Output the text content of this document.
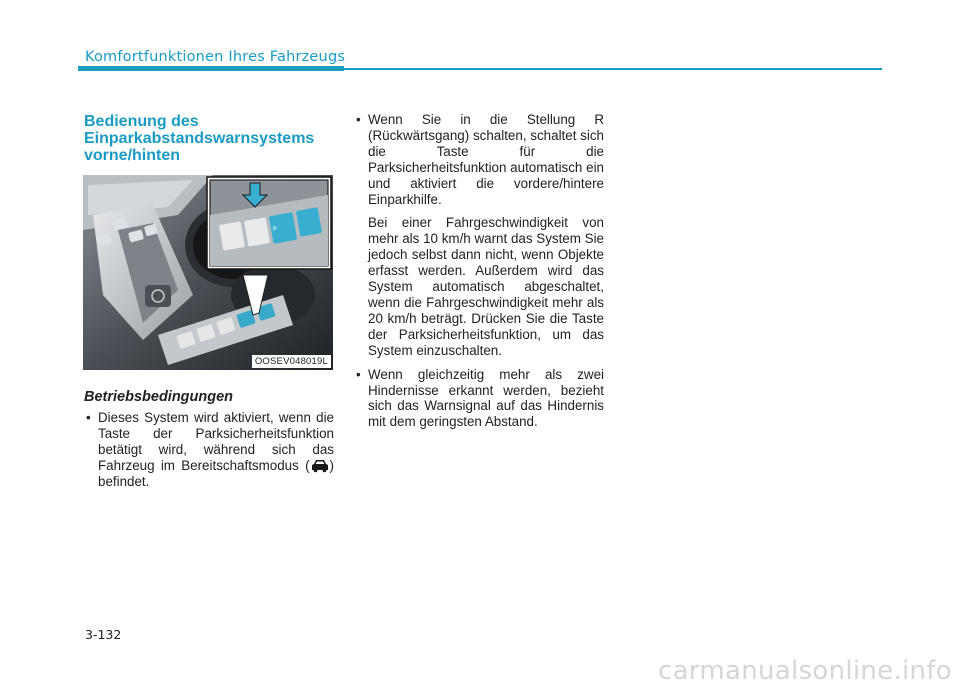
Komfortfunktionen Ihres Fahrzeugs
Bedienung des Einparkabstandswarnsystems vorne/hinten
P
OOSEV048019L
Betriebsbedingungen

• Dieses System wird aktiviert, wenn die Taste der Parksicherheitsfunktion betätigt wird, während sich das Fahrzeug im Bereitschaftsmodus ( ) befindet.

• Wenn Sie in die Stellung R (Rückwärtsgang) schalten, schaltet sich die Taste für die Parksicherheitsfunktion automatisch ein und aktiviert die vordere/hintere Einparkhilfe.

Bei einer Fahrgeschwindigkeit von mehr als 10 km/h warnt das System Sie jedoch selbst dann nicht, wenn Objekte erfasst werden. Außerdem wird das System automatisch abgeschaltet, wenn die Fahrgeschwindigkeit mehr als 20 km/h beträgt. Drücken Sie die Taste der Parksicherheitsfunktion, um das System einzuschalten.

• Wenn gleichzeitig mehr als zwei Hindernisse erkannt werden, bezieht sich das Warnsignal auf das Hindernis mit dem geringsten Abstand.

3-132
carmanualsonline.info
